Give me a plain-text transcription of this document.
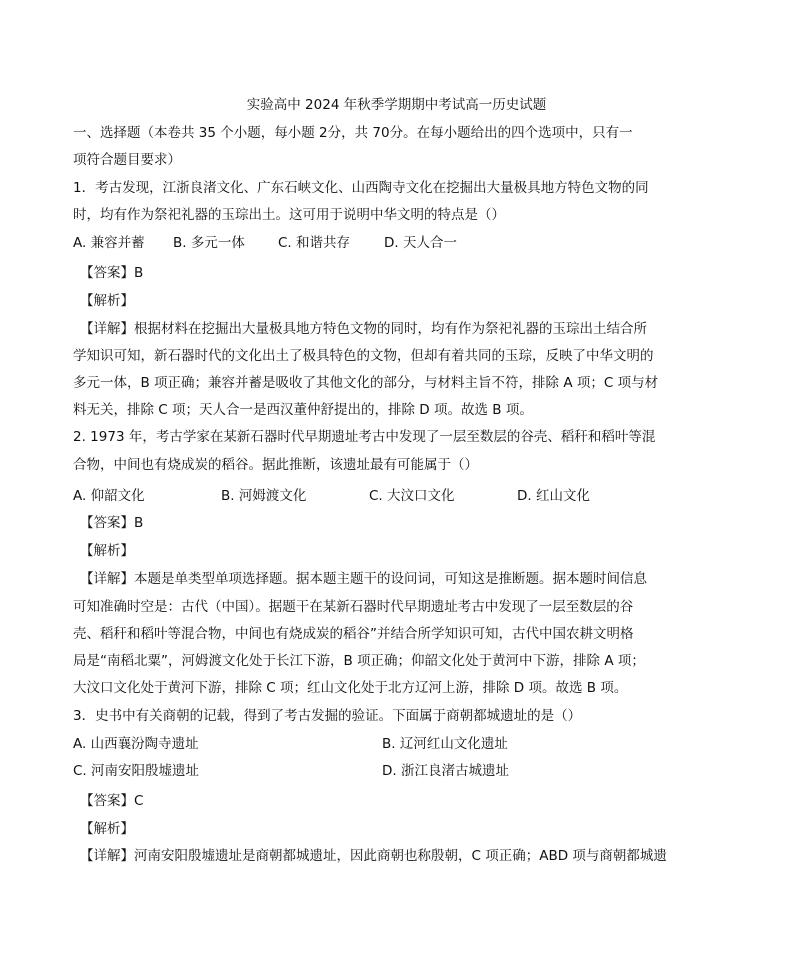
实验高中 2024 年秋季学期期中考试高一历史试题
一、选择题（本卷共 35 个小题，每小题 2分，共 70分。在每小题给出的四个选项中，只有一
项符合题目要求）
1．考古发现，江浙良渚文化、广东石峡文化、山西陶寺文化在挖掘出大量极具地方特色文物的同
时，均有作为祭祀礼器的玉琮出土。这可用于说明中华文明的特点是（）
A. 兼容并蓄 B. 多元一体 C. 和谐共存	D. 天人合一
【答案】B
【解析】
【详解】根据材料在挖掘出大量极具地方特色文物的同时，均有作为祭祀礼器的玉琮出土结合所
学知识可知，新石器时代的文化出土了极具特色的文物，但却有着共同的玉琮，反映了中华文明的
多元一体，B 项正确；兼容并蓄是吸收了其他文化的部分，与材料主旨不符，排除 A 项；C 项与材
料无关，排除 C 项；天人合一是西汉董仲舒提出的，排除 D 项。故选 B 项。
2. 1973 年，考古学家在某新石器时代早期遗址考古中发现了一层至数层的谷壳、稻秆和稻叶等混
合物，中间也有烧成炭的稻谷。据此推断，该遗址最有可能属于（）
A. 仰韶文化	B. 河姆渡文化	C. 大汶口文化	D. 红山文化
【答案】B
【解析】
【详解】本题是单类型单项选择题。据本题主题干的设问词，可知这是推断题。据本题时间信息
可知准确时空是：古代（中国）。据题干在某新石器时代早期遗址考古中发现了一层至数层的谷
壳、稻秆和稻叶等混合物，中间也有烧成炭的稻谷”并结合所学知识可知，古代中国农耕文明格
局是“南稻北粟”，河姆渡文化处于长江下游，B 项正确；仰韶文化处于黄河中下游，排除 A 项；
大汶口文化处于黄河下游，排除 C 项；红山文化处于北方辽河上游，排除 D 项。故选 B 项。
3．史书中有关商朝的记载，得到了考古发掘的验证。下面属于商朝都城遗址的是（）
A. 山西襄汾陶寺遗址	B. 辽河红山文化遗址
C. 河南安阳殷墟遗址	D. 浙江良渚古城遗址
【答案】C
【解析】
【详解】河南安阳殷墟遗址是商朝都城遗址，因此商朝也称殷朝，C 项正确；ABD 项与商朝都城遗
